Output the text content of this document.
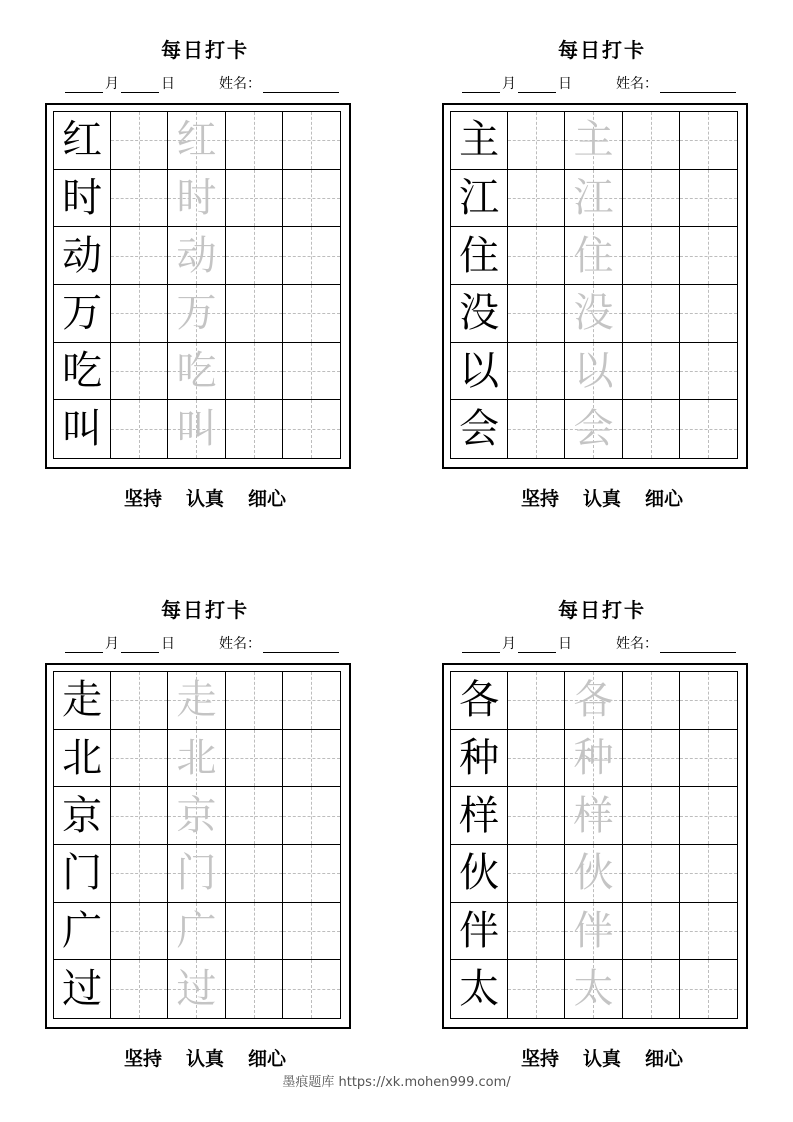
每日打卡
月	日	姓名：
红 红
时 时
动 动
万 万
吃 吃
叫 叫
坚持 认真 细心
每日打卡
月	日	姓名：
主 主
江 江
住 住
没 没
以 以
会 会
坚持 认真 细心
每日打卡
月	日	姓名：
走 走
北 北
京 京
门 门
广 广
过 过
坚持 认真 细心
每日打卡
月	日	姓名：
各 各
种 种
样 样
伙 伙
伴 伴
太 太
坚持 认真 细心
墨痕题库 https://xk.mohen999.com/
